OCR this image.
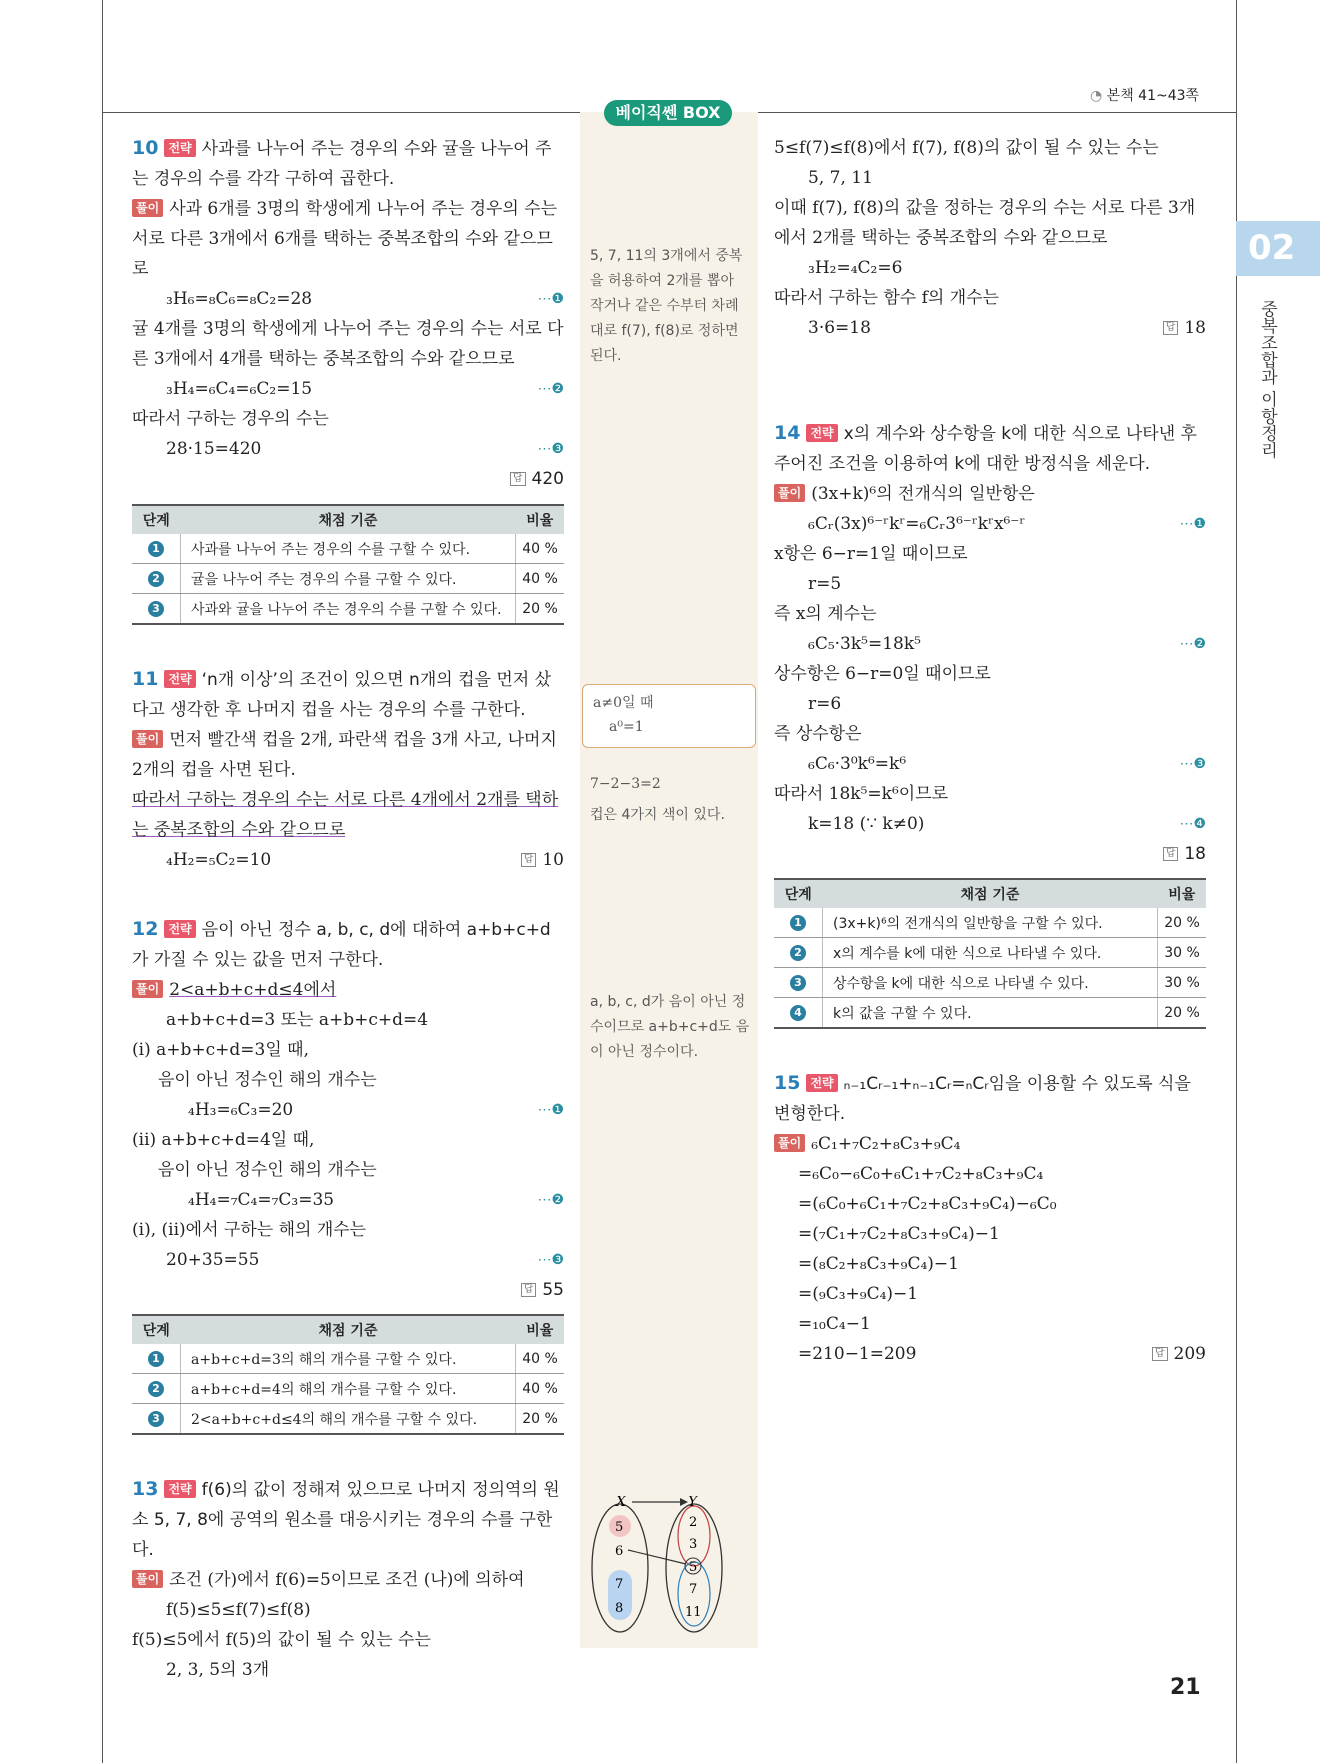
◔ 본책 41~43쪽
베이직쎈 BOX
02
중복조합과 이항정리

10 전략 사과를 나누어 주는 경우의 수와 귤을 나누어 주는 경우의 수를 각각 구하여 곱한다.

풀이 사과 6개를 3명의 학생에게 나누어 주는 경우의 수는 서로 다른 3개에서 6개를 택하는 중복조합의 수와 같으므로

₃H₆=₈C₆=₈C₂=28	⋯❶

귤 4개를 3명의 학생에게 나누어 주는 경우의 수는 서로 다른 3개에서 4개를 택하는 중복조합의 수와 같으므로

₃H₄=₆C₄=₆C₂=15	⋯❷

따라서 구하는 경우의 수는

28·15=420	⋯❸

답 420

단계	채점 기준	비율
1	사과를 나누어 주는 경우의 수를 구할 수 있다.	40 %
2	귤을 나누어 주는 경우의 수를 구할 수 있다.	40 %
3	사과와 귤을 나누어 주는 경우의 수를 구할 수 있다.	20 %

11 전략 ‘n개 이상’의 조건이 있으면 n개의 컵을 먼저 샀다고 생각한 후 나머지 컵을 사는 경우의 수를 구한다.

풀이 먼저 빨간색 컵을 2개, 파란색 컵을 3개 사고, 나머지 2개의 컵을 사면 된다.

따라서 구하는 경우의 수는 서로 다른 4개에서 2개를 택하는 중복조합의 수와 같으므로

₄H₂=₅C₂=10	답 10

12 전략 음이 아닌 정수 a, b, c, d에 대하여 a+b+c+d가 가질 수 있는 값을 먼저 구한다.

풀이 2<a+b+c+d≤4에서

a+b+c+d=3 또는 a+b+c+d=4

(i) a+b+c+d=3일 때,

음이 아닌 정수인 해의 개수는

₄H₃=₆C₃=20	⋯❶

(ii) a+b+c+d=4일 때,

음이 아닌 정수인 해의 개수는

₄H₄=₇C₄=₇C₃=35	⋯❷

(i), (ii)에서 구하는 해의 개수는

20+35=55	⋯❸

답 55

단계	채점 기준	비율
1	a+b+c+d=3의 해의 개수를 구할 수 있다.	40 %
2	a+b+c+d=4의 해의 개수를 구할 수 있다.	40 %
3	2<a+b+c+d≤4의 해의 개수를 구할 수 있다.	20 %

13 전략 f(6)의 값이 정해져 있으므로 나머지 정의역의 원소 5, 7, 8에 공역의 원소를 대응시키는 경우의 수를 구한다.

풀이 조건 (가)에서 f(6)=5이므로 조건 (나)에 의하여

f(5)≤5≤f(7)≤f(8)

f(5)≤5에서 f(5)의 값이 될 수 있는 수는

2, 3, 5의 3개

5, 7, 11의 3개에서 중복을 허용하여 2개를 뽑아 작거나 같은 수부터 차례대로 f(7), f(8)로 정하면 된다.
a≠0일 때
a⁰=1
7−2−3=2
컵은 4가지 색이 있다.
a, b, c, d가 음이 아닌 정수이므로 a+b+c+d도 음이 아닌 정수이다.
X	Y
5
6
7
8
2
3
5
7
11

5≤f(7)≤f(8)에서 f(7), f(8)의 값이 될 수 있는 수는

5, 7, 11

이때 f(7), f(8)의 값을 정하는 경우의 수는 서로 다른 3개에서 2개를 택하는 중복조합의 수와 같으므로

₃H₂=₄C₂=6

따라서 구하는 함수 f의 개수는

3·6=18	답 18

14 전략 x의 계수와 상수항을 k에 대한 식으로 나타낸 후 주어진 조건을 이용하여 k에 대한 방정식을 세운다.

풀이 (3x+k)⁶의 전개식의 일반항은

₆Cᵣ(3x)⁶⁻ʳkʳ=₆Cᵣ3⁶⁻ʳkʳx⁶⁻ʳ	⋯❶

x항은 6−r=1일 때이므로

r=5

즉 x의 계수는

₆C₅·3k⁵=18k⁵	⋯❷

상수항은 6−r=0일 때이므로

r=6

즉 상수항은

₆C₆·3⁰k⁶=k⁶	⋯❸

따라서 18k⁵=k⁶이므로

k=18 (∵ k≠0)	⋯❹

답 18

단계	채점 기준	비율
1	(3x+k)⁶의 전개식의 일반항을 구할 수 있다.	20 %
2	x의 계수를 k에 대한 식으로 나타낼 수 있다.	30 %
3	상수항을 k에 대한 식으로 나타낼 수 있다.	30 %
4	k의 값을 구할 수 있다.	20 %

15 전략 ₙ₋₁Cᵣ₋₁+ₙ₋₁Cᵣ=ₙCᵣ임을 이용할 수 있도록 식을 변형한다.

풀이 ₆C₁+₇C₂+₈C₃+₉C₄

=₆C₀−₆C₀+₆C₁+₇C₂+₈C₃+₉C₄

=(₆C₀+₆C₁+₇C₂+₈C₃+₉C₄)−₆C₀

=(₇C₁+₇C₂+₈C₃+₉C₄)−1

=(₈C₂+₈C₃+₉C₄)−1

=(₉C₃+₉C₄)−1

=₁₀C₄−1

=210−1=209	답 209

21
